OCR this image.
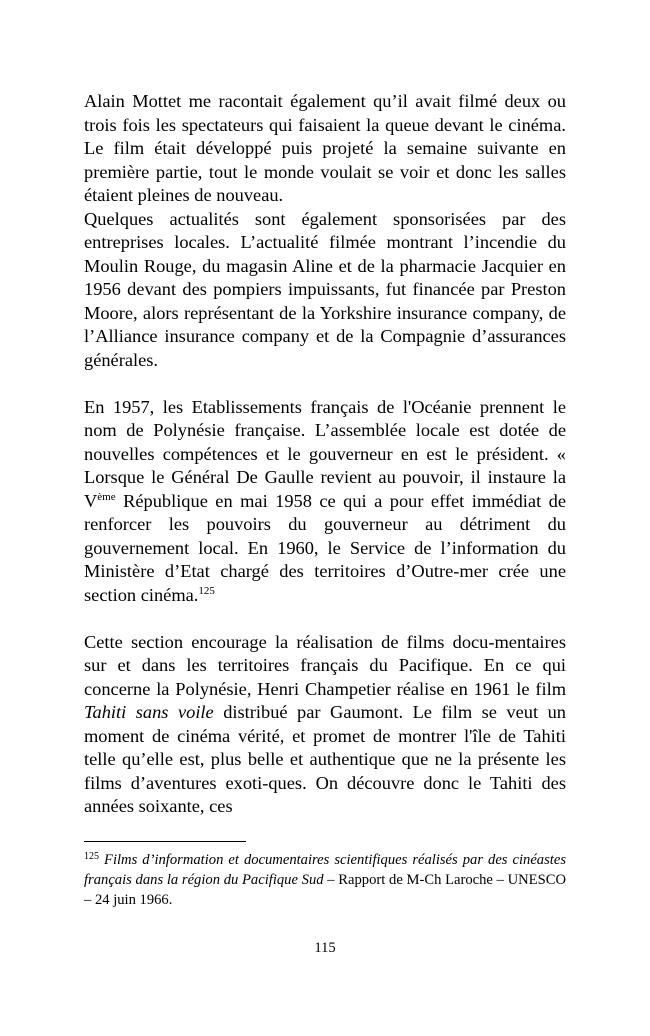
Alain Mottet me racontait également qu’il avait filmé deux ou trois fois les spectateurs qui faisaient la queue devant le cinéma. Le film était développé puis projeté la semaine suivante en première partie, tout le monde voulait se voir et donc les salles étaient pleines de nouveau.

Quelques actualités sont également sponsorisées par des entreprises locales. L’actualité filmée montrant l’incendie du Moulin Rouge, du magasin Aline et de la pharmacie Jacquier en 1956 devant des pompiers impuissants, fut financée par Preston Moore, alors représentant de la Yorkshire insurance company, de l’Alliance insurance company et de la Compagnie d’assurances générales.

En 1957, les Etablissements français de l'Océanie prennent le nom de Polynésie française. L’assemblée locale est dotée de nouvelles compétences et le gouverneur en est le président. « Lorsque le Général De Gaulle revient au pouvoir, il instaure la Vème République en mai 1958 ce qui a pour effet immédiat de renforcer les pouvoirs du gouverneur au détriment du gouvernement local. En 1960, le Service de l’information du Ministère d’Etat chargé des territoires d’Outre-mer crée une section cinéma.$^{125}$

Cette section encourage la réalisation de films docu-mentaires sur et dans les territoires français du Pacifique. En ce qui concerne la Polynésie, Henri Champetier réalise en 1961 le film Tahiti sans voile distribué par Gaumont. Le film se veut un moment de cinéma vérité, et promet de montrer l'île de Tahiti telle qu’elle est, plus belle et authentique que ne la présente les films d’aventures exoti-ques. On découvre donc le Tahiti des années soixante, ces

$^{125}$ Films d’information et documentaires scientifiques réalisés par des cinéastes français dans la région du Pacifique Sud – Rapport de M-Ch Laroche – UNESCO – 24 juin 1966.

115
